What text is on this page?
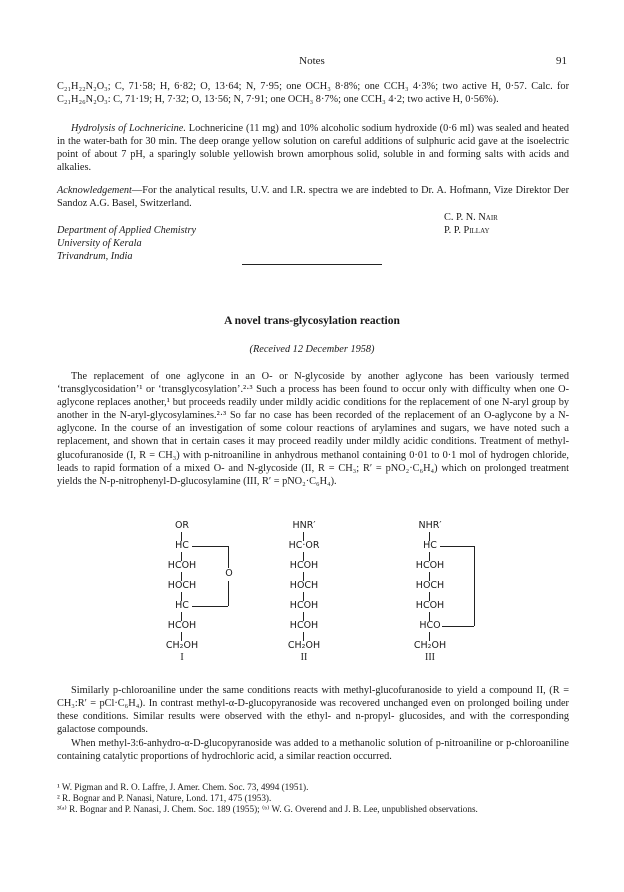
Notes	91
C₂₁H₂₂N₂O₃; C, 71·58; H, 6·82; O, 13·64; N, 7·95; one OCH₃ 8·8%; one CCH₃ 4·3%; two active H, 0·57. Calc. for C₂₁H₂₆N₂O₃: C, 71·19; H, 7·32; O, 13·56; N, 7·91; one OCH₃ 8·7%; one CCH₃ 4·2; two active H, 0·56%).
Hydrolysis of Lochnericine. Lochnericine (11 mg) and 10% alcoholic sodium hydroxide (0·6 ml) was sealed and heated in the water-bath for 30 min. The deep orange yellow solution on careful additions of sulphuric acid gave at the isoelectric point of about 7 pH, a sparingly soluble yellowish brown amorphous solid, soluble in and forming salts with acids and alkalies.
Acknowledgement—For the analytical results, U.V. and I.R. spectra we are indebted to Dr. A. Hofmann, Vize Direktor Der Sandoz A.G. Basel, Switzerland.
Department of Applied Chemistry
University of Kerala
Trivandrum, India
C. P. N. Nair
P. P. Pillay
A novel trans-glycosylation reaction
(Received 12 December 1958)
The replacement of one aglycone in an O- or N-glycoside by another aglycone has been variously termed ‘transglycosidation’¹ or ‘transglycosylation’.²·³ Such a process has been found to occur only with difficulty when one O-aglycone replaces another,¹ but proceeds readily under mildly acidic conditions for the replacement of one N-aryl group by another in the N-aryl-glycosylamines.²·³ So far no case has been recorded of the replacement of an O-aglycone by a N-aglycone. In the course of an investigation of some colour reactions of arylamines and sugars, we have noted such a replacement, and shown that in certain cases it may proceed readily under mildly acidic conditions. Treatment of methyl-glucofuranoside (I, R = CH₃) with p-nitroaniline in anhydrous methanol containing 0·01 to 0·1 mol of hydrogen chloride, leads to rapid formation of a mixed O- and N-glycoside (II, R = CH₃; R′ = pNO₂·C₆H₄) which on prolonged treatment yields the N-p-nitrophenyl-D-glucosylamine (III, R′ = pNO₂·C₆H₄).
OR
HC
HCOH
HOCH
HC
HCOH
CH₂OH
O
I
HNR′
HC·OR
HCOH
HOCH
HCOH
HCOH
CH₂OH
II
NHR′
HC
HCOH
HOCH
HCOH
HCO
CH₂OH
III
Similarly p-chloroaniline under the same conditions reacts with methyl-glucofuranoside to yield a compound II, (R = CH₃:R′ = pCl·C₆H₄). In contrast methyl-α-D-glucopyranoside was recovered unchanged even on prolonged boiling under these conditions. Similar results were observed with the ethyl- and n-propyl- glucosides, and with the corresponding galactose compounds.
When methyl-3:6-anhydro-α-D-glucopyranoside was added to a methanolic solution of p-nitroaniline or p-chloroaniline containing catalytic proportions of hydrochloric acid, a similar reaction occurred.
¹ W. Pigman and R. O. Laffre, J. Amer. Chem. Soc. 73, 4994 (1951).
² R. Bognar and P. Nanasi, Nature, Lond. 171, 475 (1953).
³⁽ᵃ⁾ R. Bognar and P. Nanasi, J. Chem. Soc. 189 (1955); ⁽ᵇ⁾ W. G. Overend and J. B. Lee, unpublished observations.
